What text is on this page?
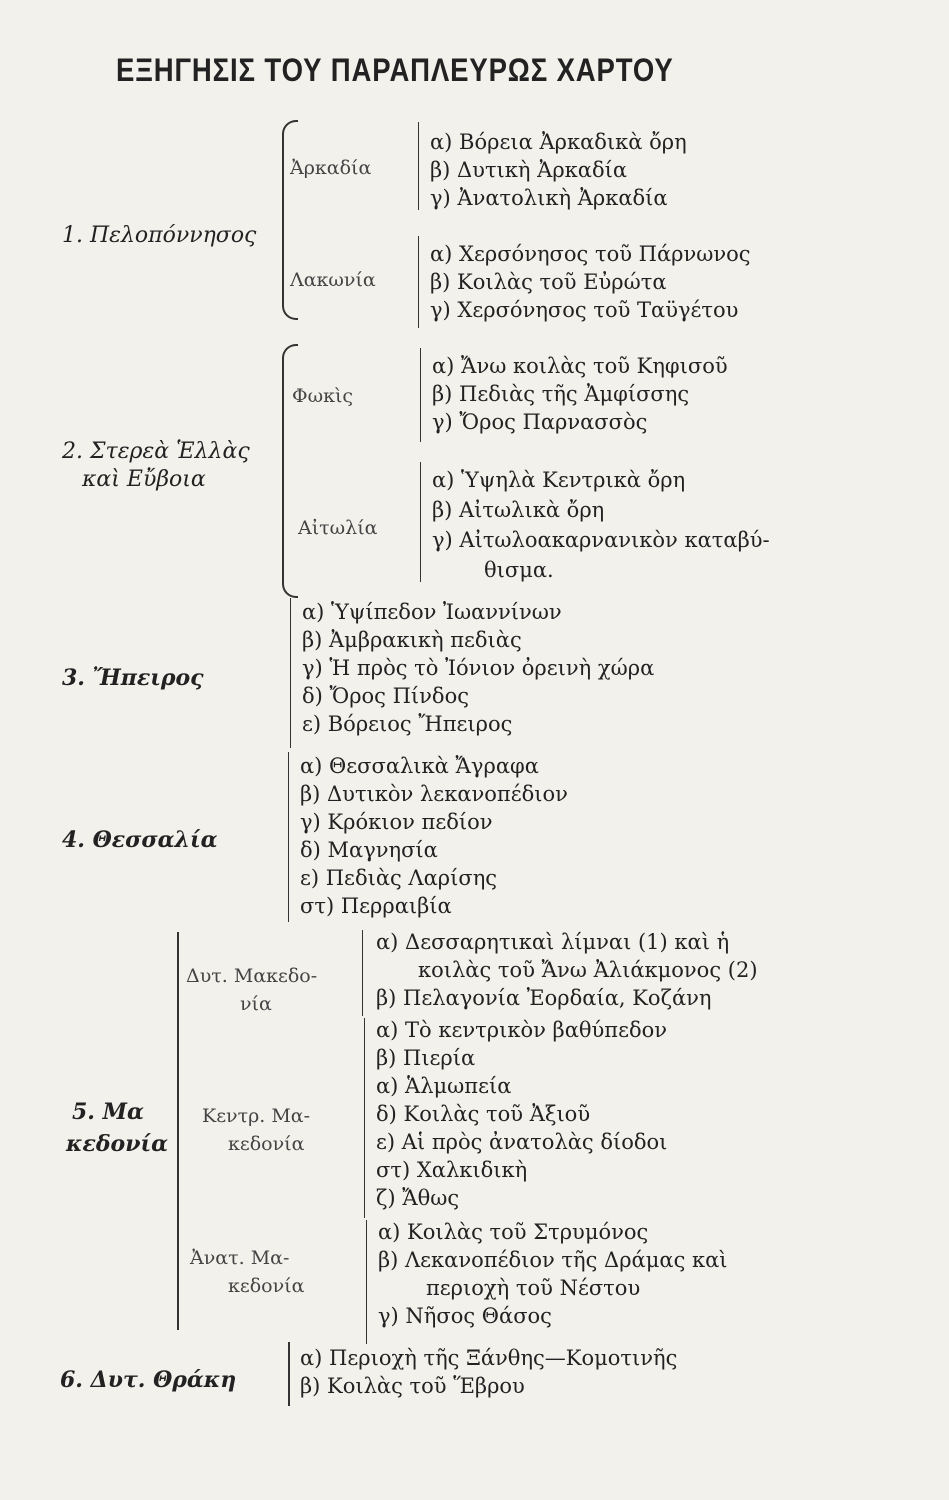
ΕΞΗΓΗΣΙΣ ΤΟΥ ΠΑΡΑΠΛΕΥΡΩΣ ΧΑΡΤΟΥ
1. Πελοπόννησος
Ἀρκαδία
α) Βόρεια Ἀρκαδικὰ ὄρη
β) Δυτικὴ Ἀρκαδία
γ) Ἀνατολικὴ Ἀρκαδία
Λακωνία
α) Χερσόνησος τοῦ Πάρνωνος
β) Κοιλὰς τοῦ Εὐρώτα
γ) Χερσόνησος τοῦ Ταϋγέτου
2. Στερεὰ Ἑλλὰς
καὶ Εὔβοια
Φωκὶς
α) Ἄνω κοιλὰς τοῦ Κηφισοῦ
β) Πεδιὰς τῆς Ἀμφίσσης
γ) Ὄρος Παρνασσὸς
Αἰτωλία
α) Ὑψηλὰ Κεντρικὰ ὄρη
β) Αἰτωλικὰ ὄρη
γ) Αἰτωλοακαρνανικὸν καταβύ-
θισμα.
3. Ἤπειρος
α) Ὑψίπεδον Ἰωαννίνων
β) Ἀμβρακικὴ πεδιὰς
γ) Ἡ πρὸς τὸ Ἰόνιον ὀρεινὴ χώρα
δ) Ὄρος Πίνδος
ε) Βόρειος Ἤπειρος
4. Θεσσαλία
α) Θεσσαλικὰ Ἄγραφα
β) Δυτικὸν λεκανοπέδιον
γ) Κρόκιον πεδίον
δ) Μαγνησία
ε) Πεδιὰς Λαρίσης
στ) Περραιβία
5. Μα
κεδονία
Δυτ. Μακεδο-
νία
α) Δεσσαρητικαὶ λίμναι (1) καὶ ἡ
κοιλὰς τοῦ Ἄνω Ἀλιάκμονος (2)
β) Πελαγονία Ἐορδαία, Κοζάνη
Κεντρ. Μα-
κεδονία
α) Τὸ κεντρικὸν βαθύπεδον
β) Πιερία
α) Ἁλμωπεία
δ) Κοιλὰς τοῦ Ἀξιοῦ
ε) Αἱ πρὸς ἀνατολὰς δίοδοι
στ) Χαλκιδικὴ
ζ) Ἄθως
Ἀνατ. Μα-
κεδονία
α) Κοιλὰς τοῦ Στρυμόνος
β) Λεκανοπέδιον τῆς Δράμας καὶ
περιοχὴ τοῦ Νέστου
γ) Νῆσος Θάσος
6. Δυτ. Θράκη
α) Περιοχὴ τῆς Ξάνθης—Κομοτινῆς
β) Κοιλὰς τοῦ Ἕβρου
